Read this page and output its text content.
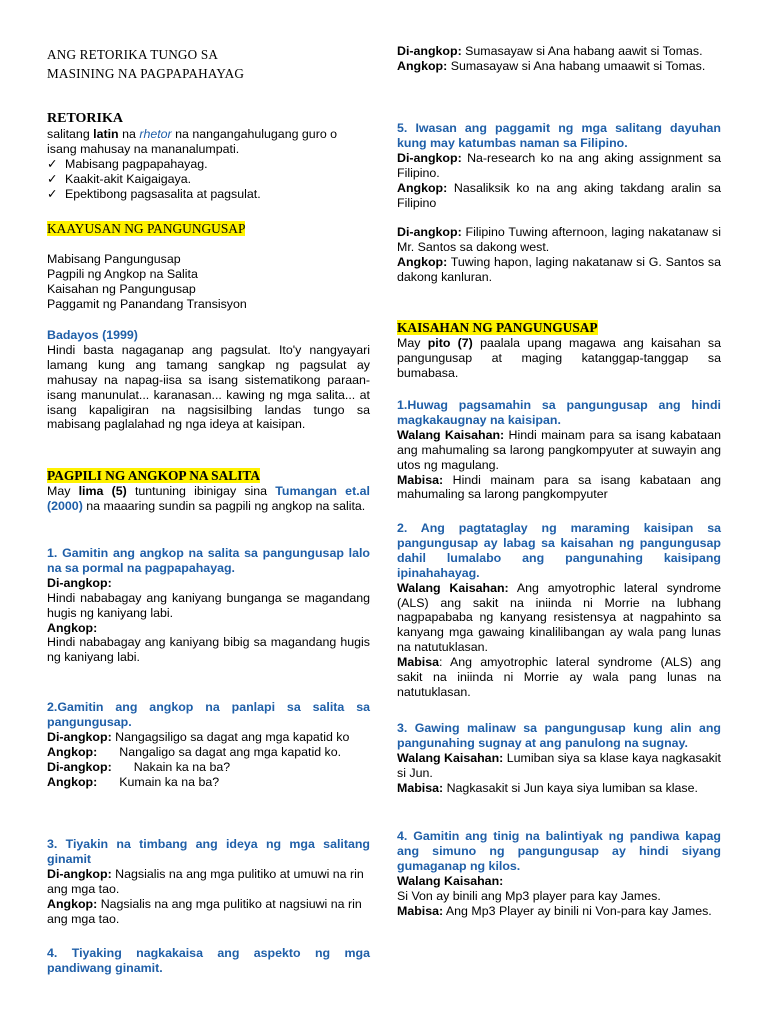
ANG RETORIKA TUNGO SA
MASINING NA PAGPAPAHAYAG
RETORIKA

salitang latin na rhetor na nangangahulugang guro o isang mahusay na mananalumpati.

✓ Mabisang pagpapahayag.
✓ Kaakit-akit Kaigaigaya.
✓ Epektibong pagsasalita at pagsulat.
KAAYUSAN NG PANGUNGUSAP

Mabisang Pangungusap

Pagpili ng Angkop na Salita

Kaisahan ng Pangungusap

Paggamit ng Panandang Transisyon

Badayos (1999)

Hindi basta nagaganap ang pagsulat. Ito'y nangyayari lamang kung ang tamang sangkap ng pagsulat ay mahusay na napag-iisa sa isang sistematikong paraan-isang manunulat... karanasan... kawing ng mga salita... at isang kapaligiran na nagsisilbing landas tungo sa mabisang paglalahad ng nga ideya at kaisipan.

PAGPILI NG ANGKOP NA SALITA

May lima (5) tuntuning ibinigay sina Tumangan et.al (2000) na maaaring sundin sa pagpili ng angkop na salita.

1. Gamitin ang angkop na salita sa pangungusap lalo na sa pormal na pagpapahayag.

Di-angkop:

Hindi nababagay ang kaniyang bunganga se magandang hugis ng kaniyang labi.

Angkop:

Hindi nababagay ang kaniyang bibig sa magandang hugis ng kaniyang labi.

2.Gamitin ang angkop na panlapi sa salita sa pangungusap.

Di-angkop: Nangagsiligo sa dagat ang mga kapatid ko

Angkop: Nangaligo sa dagat ang mga kapatid ko.

Di-angkop: Nakain ka na ba?

Angkop: Kumain ka na ba?

3. Tiyakin na timbang ang ideya ng mga salitang ginamit

Di-angkop: Nagsialis na ang mga pulitiko at umuwi na rin ang mga tao.

Angkop: Nagsialis na ang mga pulitiko at nagsiuwi na rin ang mga tao.

4. Tiyaking nagkakaisa ang aspekto ng mga pandiwang ginamit.

Di-angkop: Sumasayaw si Ana habang aawit si Tomas.

Angkop: Sumasayaw si Ana habang umaawit si Tomas.

5. Iwasan ang paggamit ng mga salitang dayuhan kung may katumbas naman sa Filipino.

Di-angkop: Na-research ko na ang aking assignment sa Filipino.

Angkop: Nasaliksik ko na ang aking takdang aralin sa Filipino

Di-angkop: Filipino Tuwing afternoon, laging nakatanaw si Mr. Santos sa dakong west.

Angkop: Tuwing hapon, laging nakatanaw si G. Santos sa dakong kanluran.

KAISAHAN NG PANGUNGUSAP

May pito (7) paalala upang magawa ang kaisahan sa pangungusap at maging katanggap-tanggap sa bumabasa.

1.Huwag pagsamahin sa pangungusap ang hindi magkakaugnay na kaisipan.

Walang Kaisahan: Hindi mainam para sa isang kabataan ang mahumaling sa larong pangkompyuter at suwayin ang utos ng magulang.

Mabisa: Hindi mainam para sa isang kabataan ang mahumaling sa larong pangkompyuter

2. Ang pagtataglay ng maraming kaisipan sa pangungusap ay labag sa kaisahan ng pangungusap dahil lumalabo ang pangunahing kaisipang ipinahahayag.

Walang Kaisahan: Ang amyotrophic lateral syndrome (ALS) ang sakit na iniinda ni Morrie na lubhang nagpapababa ng kanyang resistensya at nagpahinto sa kanyang mga gawaing kinalilibangan ay wala pang lunas na natutuklasan.

Mabisa: Ang amyotrophic lateral syndrome (ALS) ang sakit na iniinda ni Morrie ay wala pang lunas na natutuklasan.

3. Gawing malinaw sa pangungusap kung alin ang pangunahing sugnay at ang panulong na sugnay.

Walang Kaisahan: Lumiban siya sa klase kaya nagkasakit si Jun.

Mabisa: Nagkasakit si Jun kaya siya lumiban sa klase.

4. Gamitin ang tinig na balintiyak ng pandiwa kapag ang simuno ng pangungusap ay hindi siyang gumaganap ng kilos.

Walang Kaisahan:

Si Von ay binili ang Mp3 player para kay James.

Mabisa: Ang Mp3 Player ay binili ni Von-para kay James.
